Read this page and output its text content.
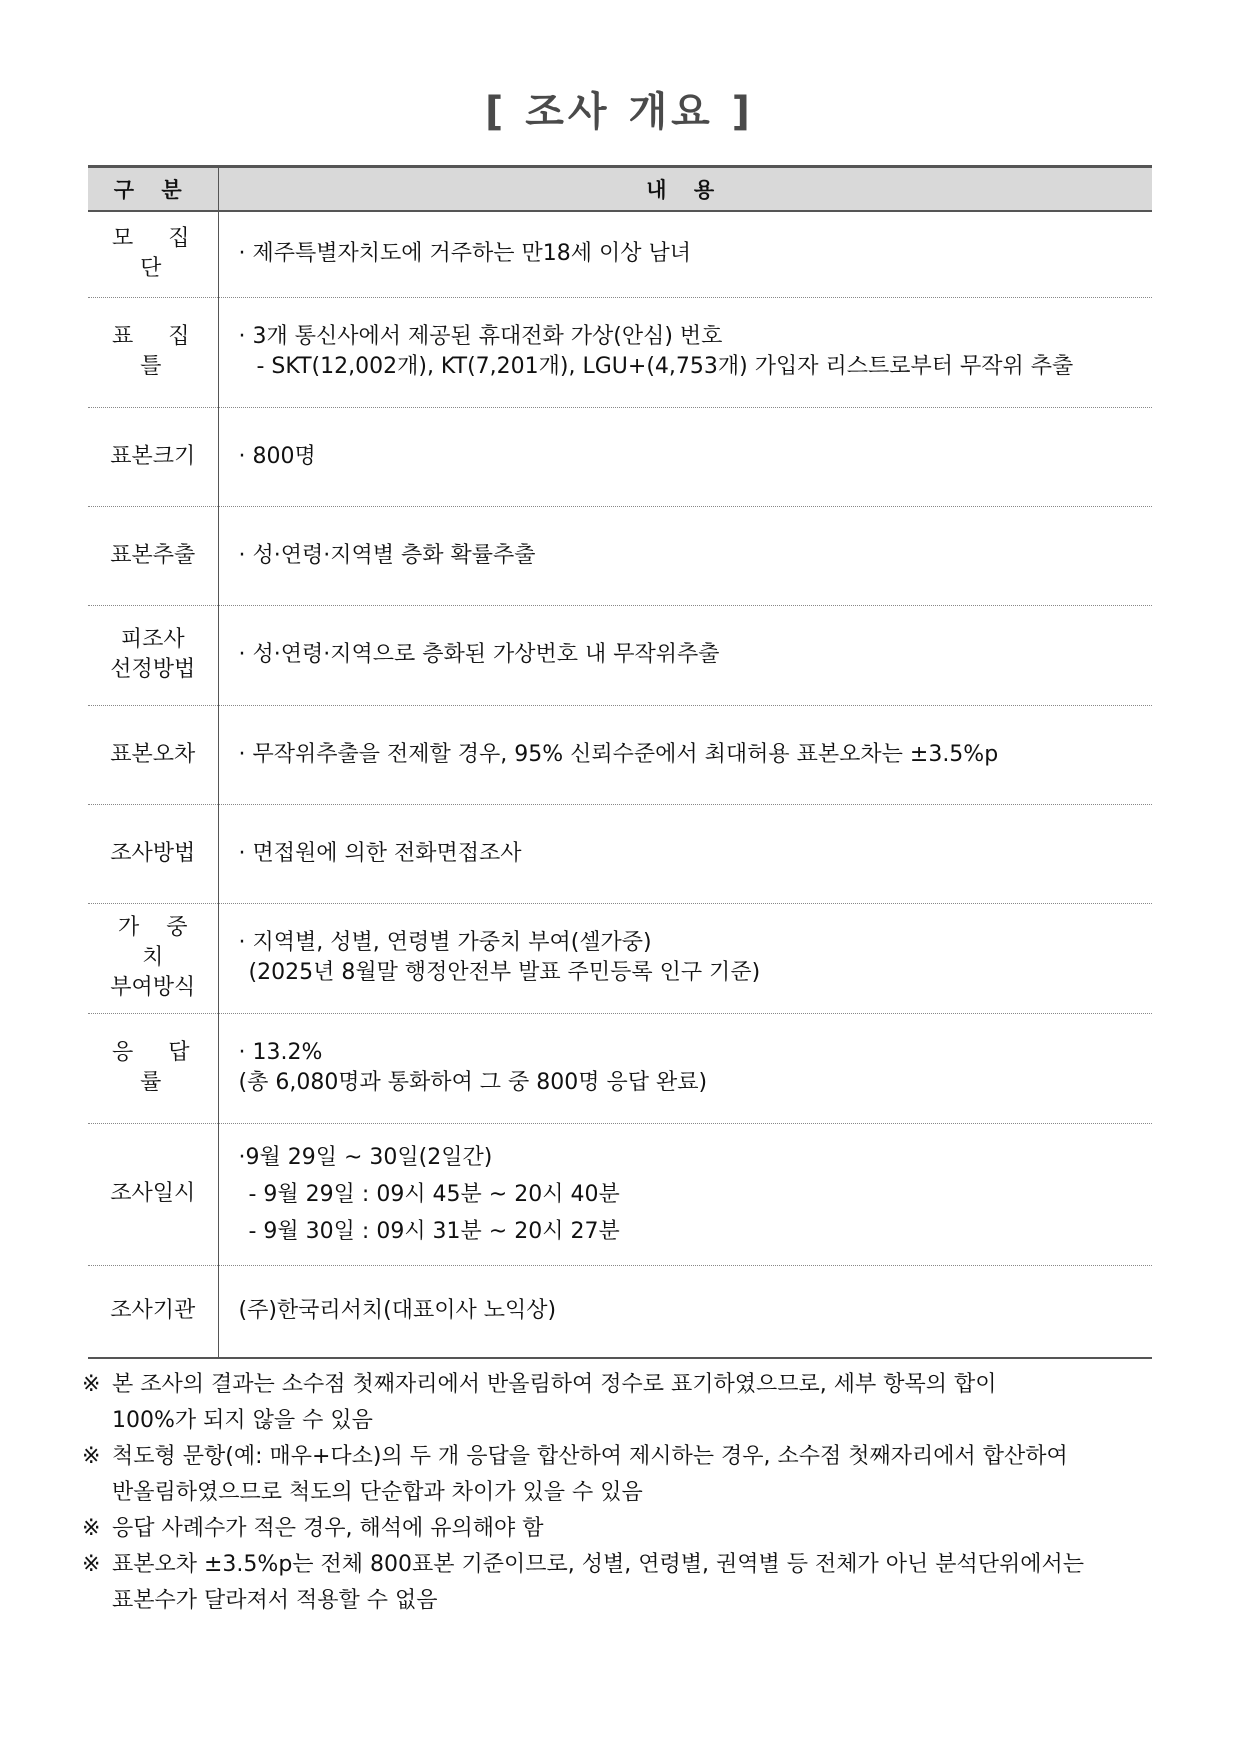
[ 조사 개요 ]
구 분	내 용

모 집 단	· 제주특별자치도에 거주하는 만18세 이상 남녀

표 집 틀	· 3개 통신사에서 제공된 휴대전화 가상(안심) 번호
- SKT(12,002개), KT(7,201개), LGU+(4,753개) 가입자 리스트로부터 무작위 추출

표본크기	· 800명

표본추출	· 성·연령·지역별 층화 확률추출

피조사
선정방법	· 성·연령·지역으로 층화된 가상번호 내 무작위추출

표본오차	· 무작위추출을 전제할 경우, 95% 신뢰수준에서 최대허용 표본오차는 ±3.5%p

조사방법	· 면접원에 의한 전화면접조사

가 중 치
부여방식	· 지역별, 성별, 연령별 가중치 부여(셀가중)
(2025년 8월말 행정안전부 발표 주민등록 인구 기준)

응 답 률	· 13.2%
(총 6,080명과 통화하여 그 중 800명 응답 완료)

조사일시	·9월 29일 ~ 30일(2일간)
- 9월 29일 : 09시 45분 ~ 20시 40분
- 9월 30일 : 09시 31분 ~ 20시 27분

조사기관	(주)한국리서치(대표이사 노익상)
※ 본 조사의 결과는 소수점 첫째자리에서 반올림하여 정수로 표기하였으므로, 세부 항목의 합이
100%가 되지 않을 수 있음
※ 척도형 문항(예: 매우+다소)의 두 개 응답을 합산하여 제시하는 경우, 소수점 첫째자리에서 합산하여
반올림하였으므로 척도의 단순합과 차이가 있을 수 있음
※ 응답 사례수가 적은 경우, 해석에 유의해야 함
※ 표본오차 ±3.5%p는 전체 800표본 기준이므로, 성별, 연령별, 권역별 등 전체가 아닌 분석단위에서는
표본수가 달라져서 적용할 수 없음
